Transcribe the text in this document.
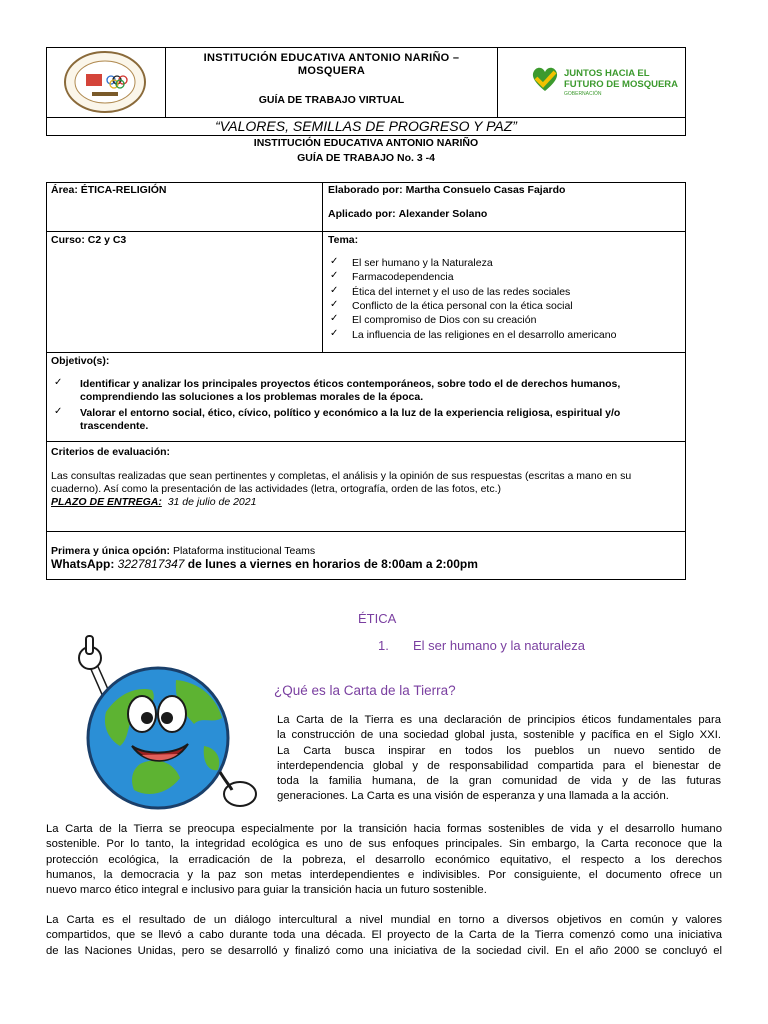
INSTITUCIÓN EDUCATIVA ANTONIO NARIÑO –
MOSQUERA
GUÍA DE TRABAJO VIRTUAL
JUNTOS HACIA EL
FUTURO DE MOSQUERA
GOBERNACIÓN
“VALORES, SEMILLAS DE PROGRESO Y PAZ”
INSTITUCIÓN EDUCATIVA ANTONIO NARIÑO
GUÍA DE TRABAJO No. 3 -4
Área: ÉTICA-RELIGIÓN	Elaborado por: Martha Consuelo Casas Fajardo
Aplicado por: Alexander Solano
Curso: C2 y C3	Tema:
✓ El ser humano y la Naturaleza
✓ Farmacodependencia
✓ Ética del internet y el uso de las redes sociales
✓ Conflicto de la ética personal con la ética social
✓ El compromiso de Dios con su creación
✓ La influencia de las religiones en el desarrollo americano
Objetivo(s):
✓ Identificar y analizar los principales proyectos éticos contemporáneos, sobre todo el de derechos humanos,
comprendiendo las soluciones a los problemas morales de la época.
✓ Valorar el entorno social, ético, cívico, político y económico a la luz de la experiencia religiosa, espiritual y/o
trascendente.
Criterios de evaluación:
Las consultas realizadas que sean pertinentes y completas, el análisis y la opinión de sus respuestas (escritas a mano en su
cuaderno). Así como la presentación de las actividades (letra, ortografía, orden de las fotos, etc.)
PLAZO DE ENTREGA: 31 de julio de 2021
Primera y única opción: Plataforma institucional Teams
WhatsApp: 3227817347 de lunes a viernes en horarios de 8:00am a 2:00pm
ÉTICA
1. El ser humano y la naturaleza
¿Qué es la Carta de la Tierra?
La Carta de la Tierra es una declaración de principios éticos fundamentales para
la construcción de una sociedad global justa, sostenible y pacífica en el Siglo XXI.
La Carta busca inspirar en todos los pueblos un nuevo sentido de
interdependencia global y de responsabilidad compartida para el bienestar de
toda la familia humana, de la gran comunidad de vida y de las futuras
generaciones. La Carta es una visión de esperanza y una llamada a la acción.
La Carta de la Tierra se preocupa especialmente por la transición hacia formas sostenibles de vida y el desarrollo humano
sostenible. Por lo tanto, la integridad ecológica es uno de sus enfoques principales. Sin embargo, la Carta reconoce que la
protección ecológica, la erradicación de la pobreza, el desarrollo económico equitativo, el respecto a los derechos
humanos, la democracia y la paz son metas interdependientes e indivisibles. Por consiguiente, el documento ofrece un
nuevo marco ético integral e inclusivo para guiar la transición hacia un futuro sostenible.
La Carta es el resultado de un diálogo intercultural a nivel mundial en torno a diversos objetivos en común y valores
compartidos, que se llevó a cabo durante toda una década. El proyecto de la Carta de la Tierra comenzó como una iniciativa
de las Naciones Unidas, pero se desarrolló y finalizó como una iniciativa de la sociedad civil. En el año 2000 se concluyó el
